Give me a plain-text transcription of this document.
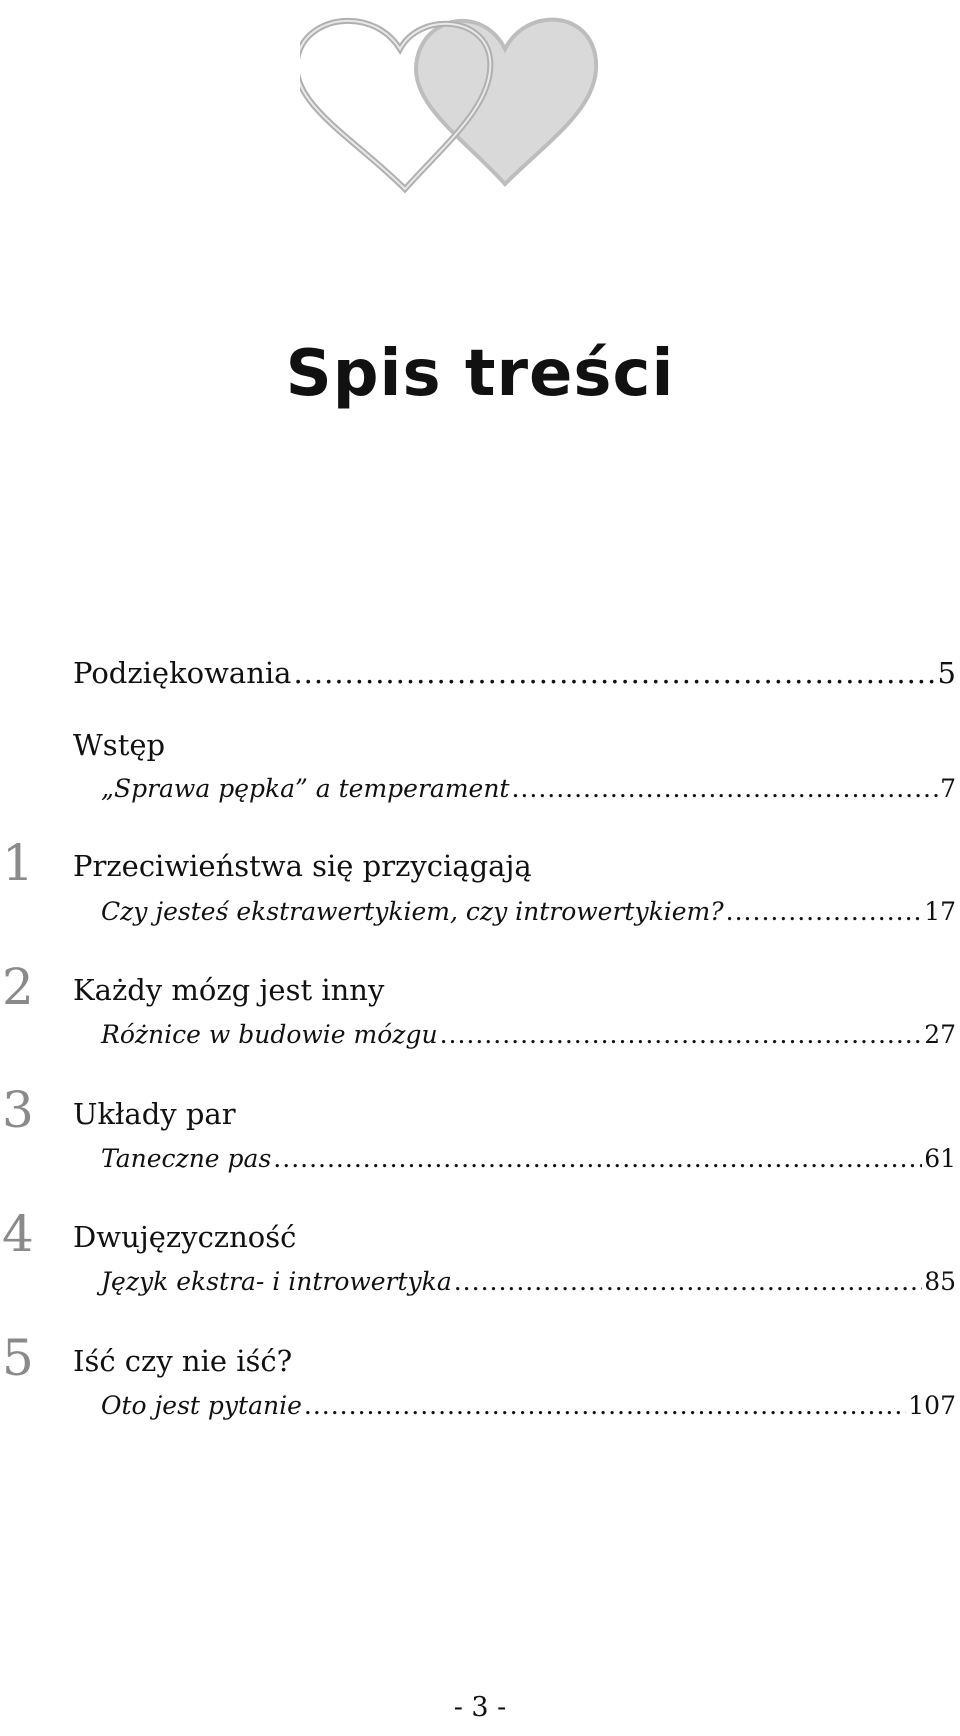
Spis treści
Podziękowania .....	5
Wstęp
„Sprawa pępka” a temperament .....	7
1 Przeciwieństwa się przyciągają
Czy jesteś ekstrawertykiem, czy introwertykiem? .....	17
2 Każdy mózg jest inny
Różnice w budowie mózgu .....	27
3 Układy par
Taneczne pas .....	61
4 Dwujęzyczność
Język ekstra- i introwertyka .....	85
5 Iść czy nie iść?
Oto jest pytanie .....	107
- 3 -
